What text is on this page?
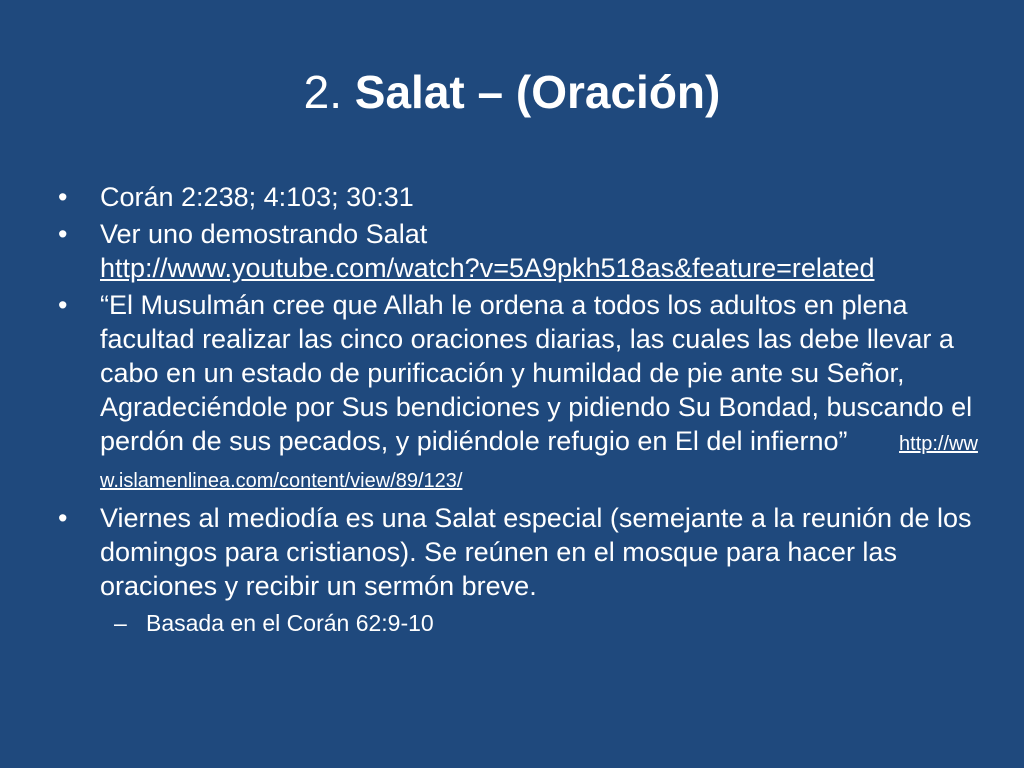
2. Salat – (Oración)
•	Corán 2:238; 4:103; 30:31
•	Ver uno demostrando Salat
http://www.youtube.com/watch?v=5A9pkh518as&feature=related
•	“El Musulmán cree que Allah le ordena a todos los adultos en plena facultad realizar las cinco oraciones diarias, las cuales las debe llevar a cabo en un estado de purificación y humildad de pie ante su Señor, Agradeciéndole por Sus bendiciones y pidiendo Su Bondad, buscando el perdón de sus pecados, y pidiéndole refugio en El del infierno”	http://www.islamenlinea.com/content/view/89/123/
•	Viernes al mediodía es una Salat especial (semejante a la reunión de los domingos para cristianos). Se reúnen en el mosque para hacer las oraciones y recibir un sermón breve.
– Basada en el Corán 62:9-10
